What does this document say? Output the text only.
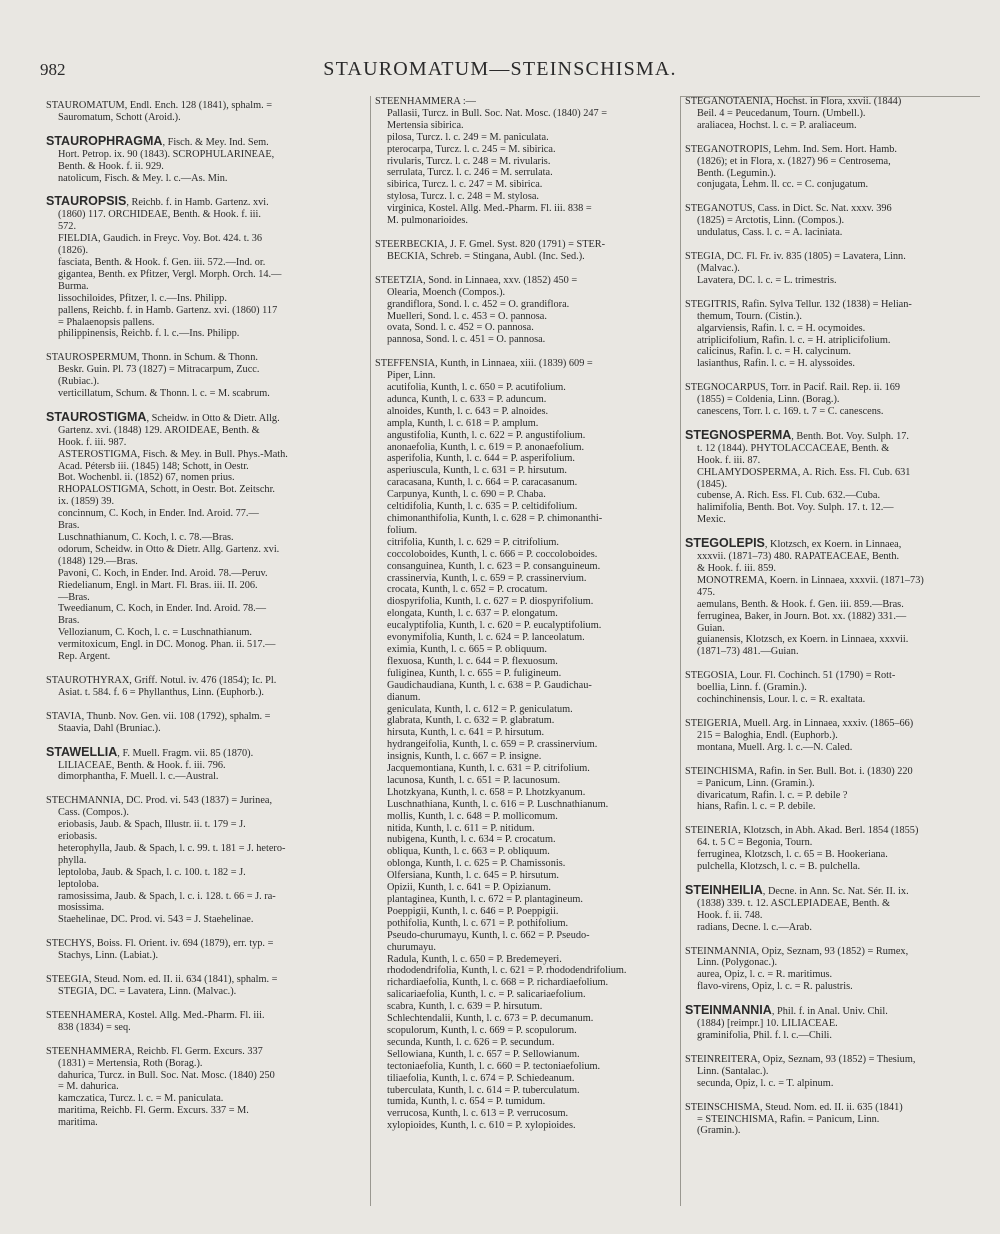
982	STAUROMATUM—STEINSCHISMA.
STAUROMATUM, Endl. Ench. 128 (1841), sphalm. =
Sauromatum, Schott (Aroid.).
STAUROPHRAGMA, Fisch. & Mey. Ind. Sem.
Hort. Petrop. ix. 90 (1843). SCROPHULARINEAE,
Benth. & Hook. f. ii. 929.
natolicum, Fisch. & Mey. l. c.—As. Min.
STAUROPSIS, Reichb. f. in Hamb. Gartenz. xvi.
(1860) 117. ORCHIDEAE, Benth. & Hook. f. iii.
572.
FIELDIA, Gaudich. in Freyc. Voy. Bot. 424. t. 36
(1826).
fasciata, Benth. & Hook. f. Gen. iii. 572.—Ind. or.
gigantea, Benth. ex Pfitzer, Vergl. Morph. Orch. 14.—
Burma.
lissochiloides, Pfitzer, l. c.—Ins. Philipp.
pallens, Reichb. f. in Hamb. Gartenz. xvi. (1860) 117
= Phalaenopsis pallens.
philippinensis, Reichb. f. l. c.—Ins. Philipp.
STAUROSPERMUM, Thonn. in Schum. & Thonn.
Beskr. Guin. Pl. 73 (1827) = Mitracarpum, Zucc.
(Rubiac.).
verticillatum, Schum. & Thonn. l. c. = M. scabrum.
STAUROSTIGMA, Scheidw. in Otto & Dietr. Allg.
Gartenz. xvi. (1848) 129. AROIDEAE, Benth. &
Hook. f. iii. 987.
ASTEROSTIGMA, Fisch. & Mey. in Bull. Phys.-Math.
Acad. Pétersb iii. (1845) 148; Schott, in Oestr.
Bot. Wochenbl. ii. (1852) 67, nomen prius.
RHOPALOSTIGMA, Schott, in Oestr. Bot. Zeitschr.
ix. (1859) 39.
concinnum, C. Koch, in Ender. Ind. Aroid. 77.—
Bras.
Luschnathianum, C. Koch, l. c. 78.—Bras.
odorum, Scheidw. in Otto & Dietr. Allg. Gartenz. xvi.
(1848) 129.—Bras.
Pavoni, C. Koch, in Ender. Ind. Aroid. 78.—Peruv.
Riedelianum, Engl. in Mart. Fl. Bras. iii. II. 206.
—Bras.
Tweedianum, C. Koch, in Ender. Ind. Aroid. 78.—
Bras.
Vellozianum, C. Koch, l. c. = Luschnathianum.
vermitoxicum, Engl. in DC. Monog. Phan. ii. 517.—
Rep. Argent.
STAUROTHYRAX, Griff. Notul. iv. 476 (1854); Ic. Pl.
Asiat. t. 584. f. 6 = Phyllanthus, Linn. (Euphorb.).
STAVIA, Thunb. Nov. Gen. vii. 108 (1792), sphalm. =
Staavia, Dahl (Bruniac.).
STAWELLIA, F. Muell. Fragm. vii. 85 (1870).
LILIACEAE, Benth. & Hook. f. iii. 796.
dimorphantha, F. Muell. l. c.—Austral.
STECHMANNIA, DC. Prod. vi. 543 (1837) = Jurinea,
Cass. (Compos.).
eriobasis, Jaub. & Spach, Illustr. ii. t. 179 = J.
eriobasis.
heterophylla, Jaub. & Spach, l. c. 99. t. 181 = J. hetero-
phylla.
leptoloba, Jaub. & Spach, l. c. 100. t. 182 = J.
leptoloba.
ramosissima, Jaub. & Spach, l. c. i. 128. t. 66 = J. ra-
mosissima.
Staehelinae, DC. Prod. vi. 543 = J. Staehelinae.
STECHYS, Boiss. Fl. Orient. iv. 694 (1879), err. typ. =
Stachys, Linn. (Labiat.).
STEEGIA, Steud. Nom. ed. II. ii. 634 (1841), sphalm. =
STEGIA, DC. = Lavatera, Linn. (Malvac.).
STEENHAMERA, Kostel. Allg. Med.-Pharm. Fl. iii.
838 (1834) = seq.
STEENHAMMERA, Reichb. Fl. Germ. Excurs. 337
(1831) = Mertensia, Roth (Borag.).
dahurica, Turcz. in Bull. Soc. Nat. Mosc. (1840) 250
= M. dahurica.
kamczatica, Turcz. l. c. = M. paniculata.
maritima, Reichb. Fl. Germ. Excurs. 337 = M.
maritima.
STEENHAMMERA :—
Pallasii, Turcz. in Bull. Soc. Nat. Mosc. (1840) 247 =
Mertensia sibirica.
pilosa, Turcz. l. c. 249 = M. paniculata.
pterocarpa, Turcz. l. c. 245 = M. sibirica.
rivularis, Turcz. l. c. 248 = M. rivularis.
serrulata, Turcz. l. c. 246 = M. serrulata.
sibirica, Turcz. l. c. 247 = M. sibirica.
stylosa, Turcz. l. c. 248 = M. stylosa.
virginica, Kostel. Allg. Med.-Pharm. Fl. iii. 838 =
M. pulmonarioides.
STEERBECKIA, J. F. Gmel. Syst. 820 (1791) = STER-
BECKIA, Schreb. = Stingana, Aubl. (Inc. Sed.).
STEETZIA, Sond. in Linnaea, xxv. (1852) 450 =
Olearia, Moench (Compos.).
grandiflora, Sond. l. c. 452 = O. grandiflora.
Muelleri, Sond. l. c. 453 = O. pannosa.
ovata, Sond. l. c. 452 = O. pannosa.
pannosa, Sond. l. c. 451 = O. pannosa.
STEFFENSIA, Kunth, in Linnaea, xiii. (1839) 609 =
Piper, Linn.
acutifolia, Kunth, l. c. 650 = P. acutifolium.
adunca, Kunth, l. c. 633 = P. aduncum.
alnoides, Kunth, l. c. 643 = P. alnoides.
ampla, Kunth, l. c. 618 = P. amplum.
angustifolia, Kunth, l. c. 622 = P. angustifolium.
anonaefolia, Kunth, l. c. 619 = P. anonaefolium.
asperifolia, Kunth, l. c. 644 = P. asperifolium.
asperiuscula, Kunth, l. c. 631 = P. hirsutum.
caracasana, Kunth, l. c. 664 = P. caracasanum.
Carpunya, Kunth, l. c. 690 = P. Chaba.
celtidifolia, Kunth, l. c. 635 = P. celtidifolium.
chimonanthifolia, Kunth, l. c. 628 = P. chimonanthi-
folium.
citrifolia, Kunth, l. c. 629 = P. citrifolium.
coccoloboides, Kunth, l. c. 666 = P. coccoloboides.
consanguinea, Kunth, l. c. 623 = P. consanguineum.
crassinervia, Kunth, l. c. 659 = P. crassinervium.
crocata, Kunth, l. c. 652 = P. crocatum.
diospyrifolia, Kunth, l. c. 627 = P. diospyrifolium.
elongata, Kunth, l. c. 637 = P. elongatum.
eucalyptifolia, Kunth, l. c. 620 = P. eucalyptifolium.
evonymifolia, Kunth, l. c. 624 = P. lanceolatum.
eximia, Kunth, l. c. 665 = P. obliquum.
flexuosa, Kunth, l. c. 644 = P. flexuosum.
fuliginea, Kunth, l. c. 655 = P. fuligineum.
Gaudichaudiana, Kunth, l. c. 638 = P. Gaudichau-
dianum.
geniculata, Kunth, l. c. 612 = P. geniculatum.
glabrata, Kunth, l. c. 632 = P. glabratum.
hirsuta, Kunth, l. c. 641 = P. hirsutum.
hydrangeifolia, Kunth, l. c. 659 = P. crassinervium.
insignis, Kunth, l. c. 667 = P. insigne.
Jacquemontiana, Kunth, l. c. 631 = P. citrifolium.
lacunosa, Kunth, l. c. 651 = P. lacunosum.
Lhotzkyana, Kunth, l. c. 658 = P. Lhotzkyanum.
Luschnathiana, Kunth, l. c. 616 = P. Luschnathianum.
mollis, Kunth, l. c. 648 = P. mollicomum.
nitida, Kunth, l. c. 611 = P. nitidum.
nubigena, Kunth, l. c. 634 = P. crocatum.
obliqua, Kunth, l. c. 663 = P. obliquum.
oblonga, Kunth, l. c. 625 = P. Chamissonis.
Olfersiana, Kunth, l. c. 645 = P. hirsutum.
Opizii, Kunth, l. c. 641 = P. Opizianum.
plantaginea, Kunth, l. c. 672 = P. plantagineum.
Poeppigii, Kunth, l. c. 646 = P. Poeppigii.
pothifolia, Kunth, l. c. 671 = P. pothifolium.
Pseudo-churumayu, Kunth, l. c. 662 = P. Pseudo-
churumayu.
Radula, Kunth, l. c. 650 = P. Bredemeyeri.
rhododendrifolia, Kunth, l. c. 621 = P. rhododendrifolium.
richardiaefolia, Kunth, l. c. 668 = P. richardiaefolium.
salicariaefolia, Kunth, l. c. = P. salicariaefolium.
scabra, Kunth, l. c. 639 = P. hirsutum.
Schlechtendalii, Kunth, l. c. 673 = P. decumanum.
scopulorum, Kunth, l. c. 669 = P. scopulorum.
secunda, Kunth, l. c. 626 = P. secundum.
Sellowiana, Kunth, l. c. 657 = P. Sellowianum.
tectoniaefolia, Kunth, l. c. 660 = P. tectoniaefolium.
tiliaefolia, Kunth, l. c. 674 = P. Schiedeanum.
tuberculata, Kunth, l. c. 614 = P. tuberculatum.
tumida, Kunth, l. c. 654 = P. tumidum.
verrucosa, Kunth, l. c. 613 = P. verrucosum.
xylopioides, Kunth, l. c. 610 = P. xylopioides.
STEGANOTAENIA, Hochst. in Flora, xxvii. (1844)
Beil. 4 = Peucedanum, Tourn. (Umbell.).
araliacea, Hochst. l. c. = P. araliaceum.
STEGANOTROPIS, Lehm. Ind. Sem. Hort. Hamb.
(1826); et in Flora, x. (1827) 96 = Centrosema,
Benth. (Legumin.).
conjugata, Lehm. ll. cc. = C. conjugatum.
STEGANOTUS, Cass. in Dict. Sc. Nat. xxxv. 396
(1825) = Arctotis, Linn. (Compos.).
undulatus, Cass. l. c. = A. laciniata.
STEGIA, DC. Fl. Fr. iv. 835 (1805) = Lavatera, Linn.
(Malvac.).
Lavatera, DC. l. c. = L. trimestris.
STEGITRIS, Rafin. Sylva Tellur. 132 (1838) = Helian-
themum, Tourn. (Cistin.).
algarviensis, Rafin. l. c. = H. ocymoides.
atriplicifolium, Rafin. l. c. = H. atriplicifolium.
calicinus, Rafin. l. c. = H. calycinum.
lasianthus, Rafin. l. c. = H. alyssoides.
STEGNOCARPUS, Torr. in Pacif. Rail. Rep. ii. 169
(1855) = Coldenia, Linn. (Borag.).
canescens, Torr. l. c. 169. t. 7 = C. canescens.
STEGNOSPERMA, Benth. Bot. Voy. Sulph. 17.
t. 12 (1844). PHYTOLACCACEAE, Benth. &
Hook. f. iii. 87.
CHLAMYDOSPERMA, A. Rich. Ess. Fl. Cub. 631
(1845).
cubense, A. Rich. Ess. Fl. Cub. 632.—Cuba.
halimifolia, Benth. Bot. Voy. Sulph. 17. t. 12.—
Mexic.
STEGOLEPIS, Klotzsch, ex Koern. in Linnaea,
xxxvii. (1871–73) 480. RAPATEACEAE, Benth.
& Hook. f. iii. 859.
MONOTREMA, Koern. in Linnaea, xxxvii. (1871–73)
475.
aemulans, Benth. & Hook. f. Gen. iii. 859.—Bras.
ferruginea, Baker, in Journ. Bot. xx. (1882) 331.—
Guian.
guianensis, Klotzsch, ex Koern. in Linnaea, xxxvii.
(1871–73) 481.—Guian.
STEGOSIA, Lour. Fl. Cochinch. 51 (1790) = Rott-
boellia, Linn. f. (Gramin.).
cochinchinensis, Lour. l. c. = R. exaltata.
STEIGERIA, Muell. Arg. in Linnaea, xxxiv. (1865–66)
215 = Baloghia, Endl. (Euphorb.).
montana, Muell. Arg. l. c.—N. Caled.
STEINCHISMA, Rafin. in Ser. Bull. Bot. i. (1830) 220
= Panicum, Linn. (Gramin.).
divaricatum, Rafin. l. c. = P. debile ?
hians, Rafin. l. c. = P. debile.
STEINERIA, Klotzsch, in Abh. Akad. Berl. 1854 (1855)
64. t. 5 C = Begonia, Tourn.
ferruginea, Klotzsch, l. c. 65 = B. Hookeriana.
pulchella, Klotzsch, l. c. = B. pulchella.
STEINHEILIA, Decne. in Ann. Sc. Nat. Sér. II. ix.
(1838) 339. t. 12. ASCLEPIADEAE, Benth. &
Hook. f. ii. 748.
radians, Decne. l. c.—Arab.
STEINMANNIA, Opiz, Seznam, 93 (1852) = Rumex,
Linn. (Polygonac.).
aurea, Opiz, l. c. = R. maritimus.
flavo-virens, Opiz, l. c. = R. palustris.
STEINMANNIA, Phil. f. in Anal. Univ. Chil.
(1884) [reimpr.] 10. LILIACEAE.
graminifolia, Phil. f. l. c.—Chili.
STEINREITERA, Opiz, Seznam, 93 (1852) = Thesium,
Linn. (Santalac.).
secunda, Opiz, l. c. = T. alpinum.
STEINSCHISMA, Steud. Nom. ed. II. ii. 635 (1841)
= STEINCHISMA, Rafin. = Panicum, Linn.
(Gramin.).
